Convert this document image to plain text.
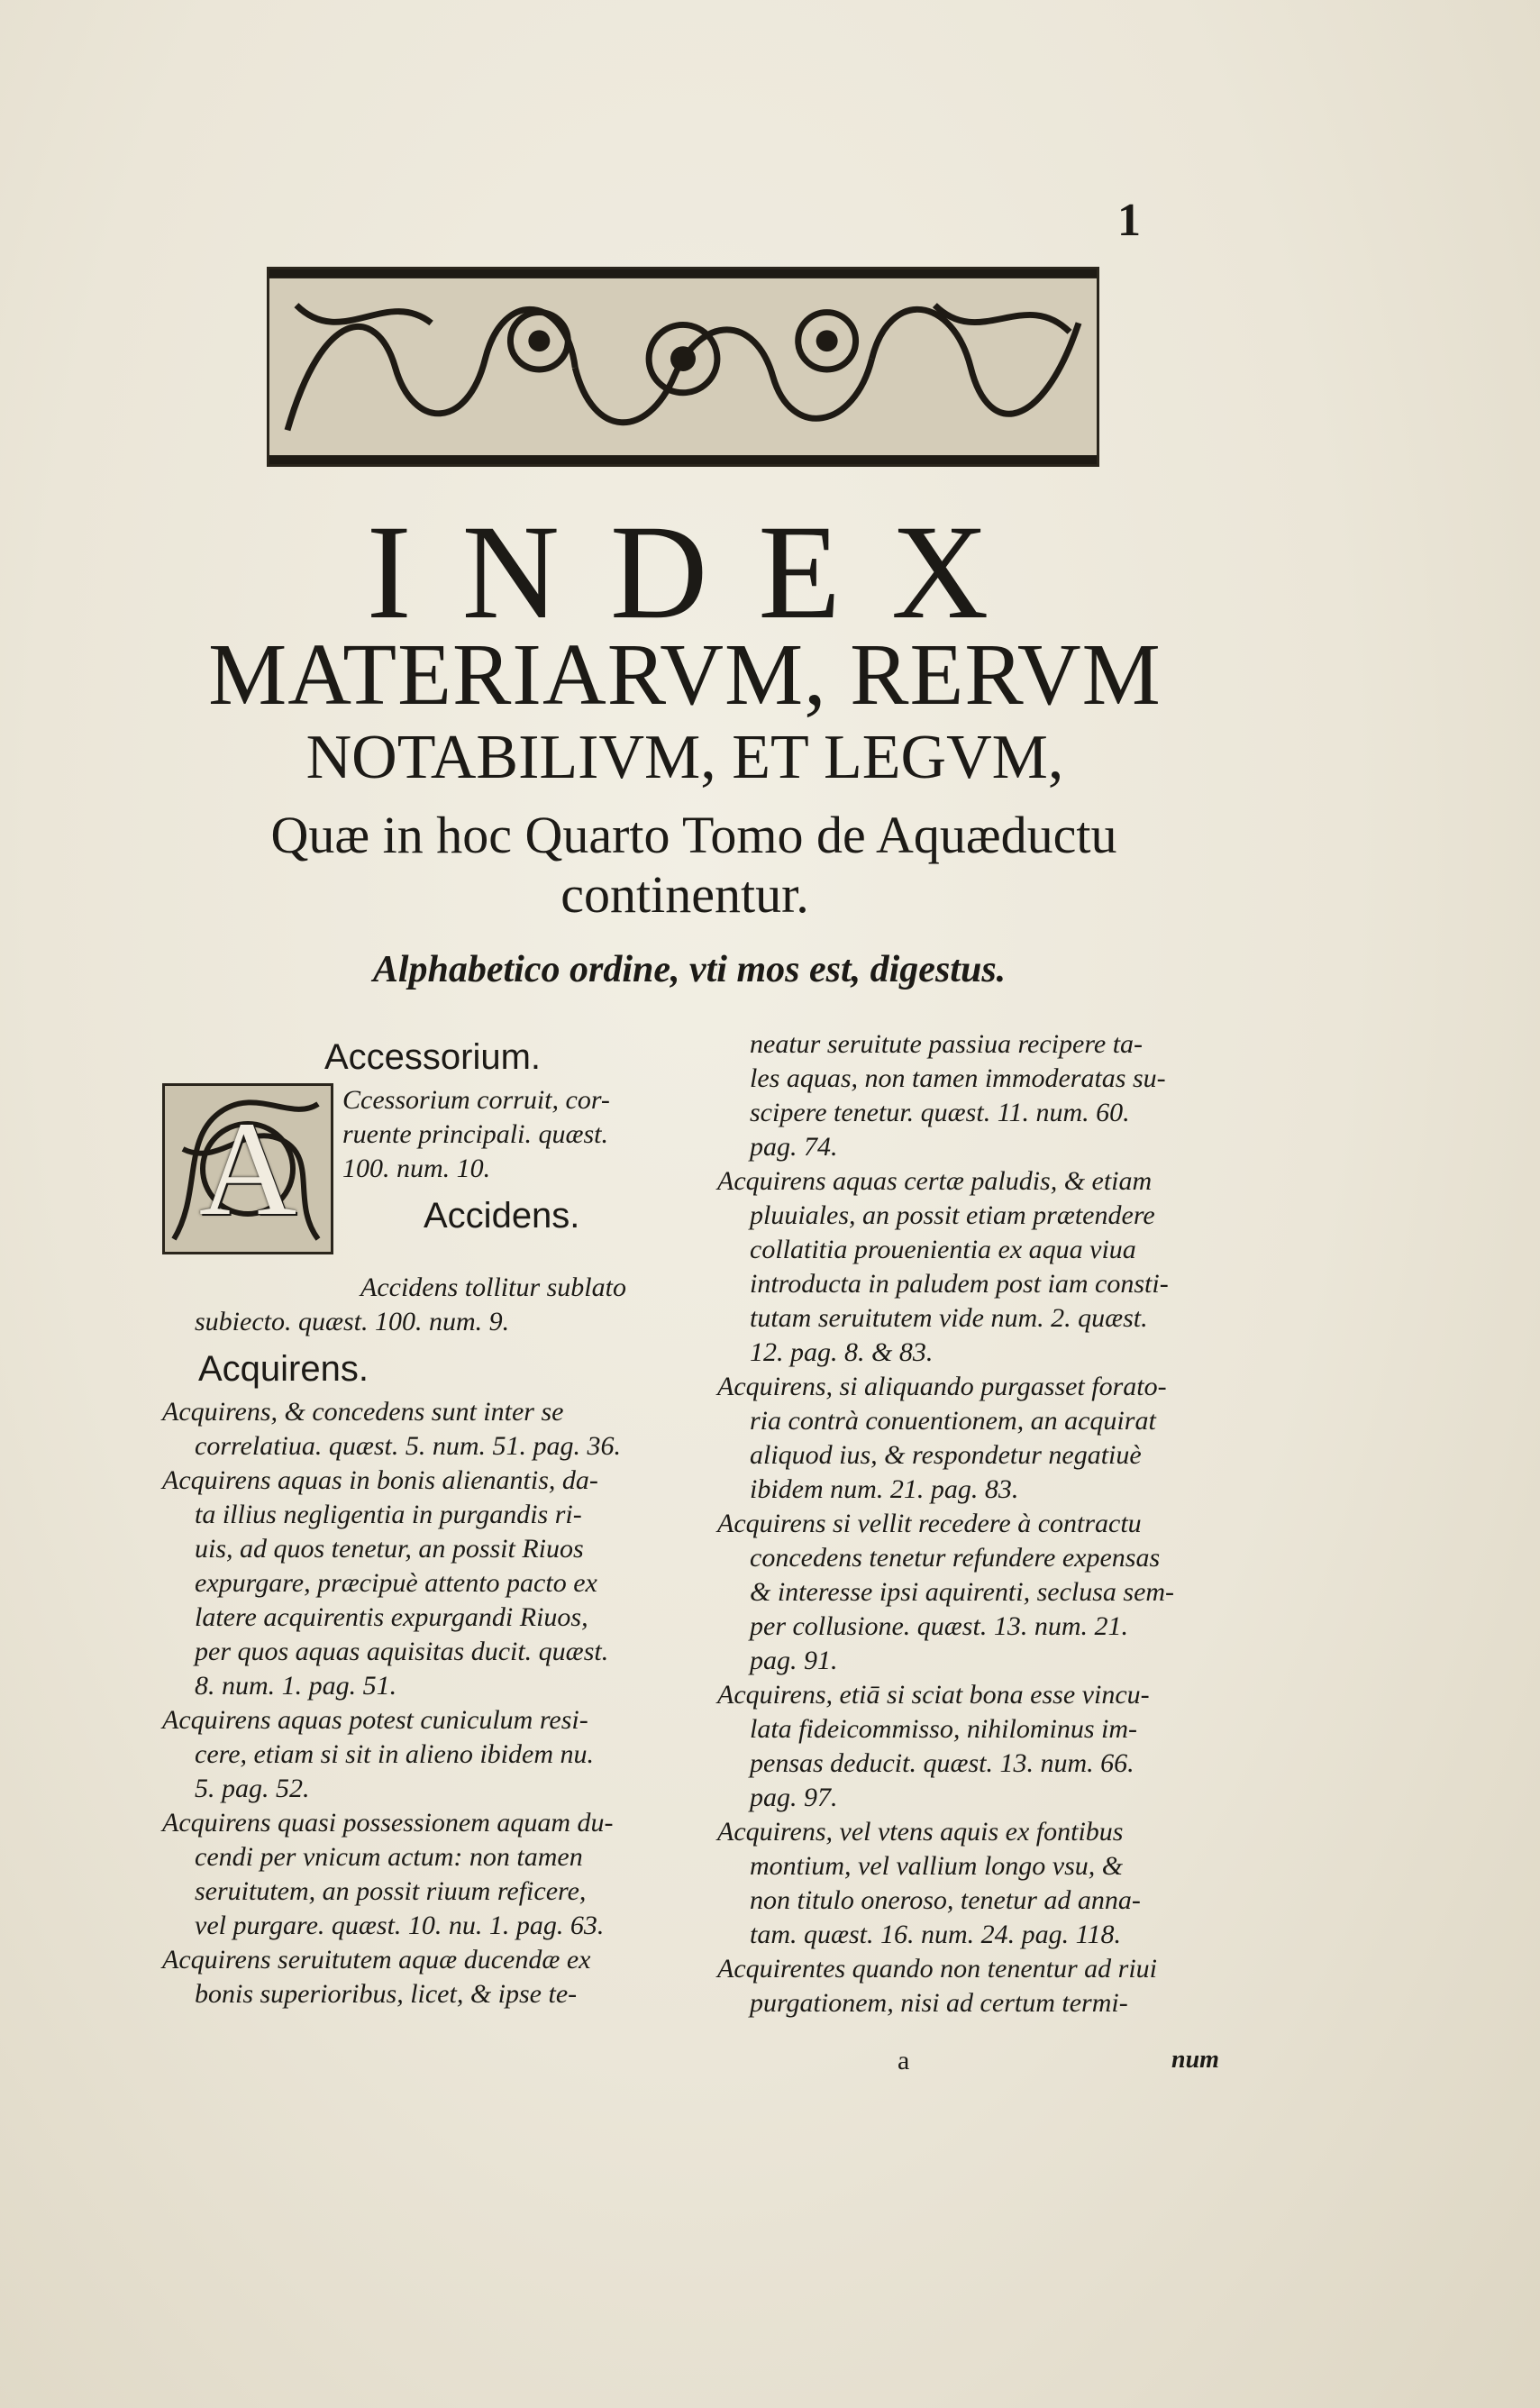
1
INDEX
MATERIARVM, RERVM
NOTABILIVM, ET LEGVM,
Quæ in hoc Quarto Tomo de Aquæductu
continentur.
Alphabetico ordine, vti mos est, digestus.
Accessorium.
A	Ccessorium corruit, cor-
ruente principali. quæst.
100. num. 10.
Accidens.
Accidens tollitur sublato
subiecto. quæst. 100. num. 9.
Acquirens.
Acquirens, & concedens sunt inter se
correlatiua. quæst. 5. num. 51. pag. 36.
Acquirens aquas in bonis alienantis, da-
ta illius negligentia in purgandis ri-
uis, ad quos tenetur, an possit Riuos
expurgare, præcipuè attento pacto ex
latere acquirentis expurgandi Riuos,
per quos aquas aquisitas ducit. quæst.
8. num. 1. pag. 51.
Acquirens aquas potest cuniculum resi-
cere, etiam si sit in alieno ibidem nu.
5. pag. 52.
Acquirens quasi possessionem aquam du-
cendi per vnicum actum: non tamen
seruitutem, an possit riuum reficere,
vel purgare. quæst. 10. nu. 1. pag. 63.
Acquirens seruitutem aquæ ducendæ ex
bonis superioribus, licet, & ipse te-
neatur seruitute passiua recipere ta-
les aquas, non tamen immoderatas su-
scipere tenetur. quæst. 11. num. 60.
pag. 74.
Acquirens aquas certæ paludis, & etiam
pluuiales, an possit etiam prætendere
collatitia prouenientia ex aqua viua
introducta in paludem post iam consti-
tutam seruitutem vide num. 2. quæst.
12. pag. 8. & 83.
Acquirens, si aliquando purgasset forato-
ria contrà conuentionem, an acquirat
aliquod ius, & respondetur negatiuè
ibidem num. 21. pag. 83.
Acquirens si vellit recedere à contractu
concedens tenetur refundere expensas
& interesse ipsi aquirenti, seclusa sem-
per collusione. quæst. 13. num. 21.
pag. 91.
Acquirens, etiā si sciat bona esse vincu-
lata fideicommisso, nihilominus im-
pensas deducit. quæst. 13. num. 66.
pag. 97.
Acquirens, vel vtens aquis ex fontibus
montium, vel vallium longo vsu, &
non titulo oneroso, tenetur ad anna-
tam. quæst. 16. num. 24. pag. 118.
Acquirentes quando non tenentur ad riui
purgationem, nisi ad certum termi-
a	num
